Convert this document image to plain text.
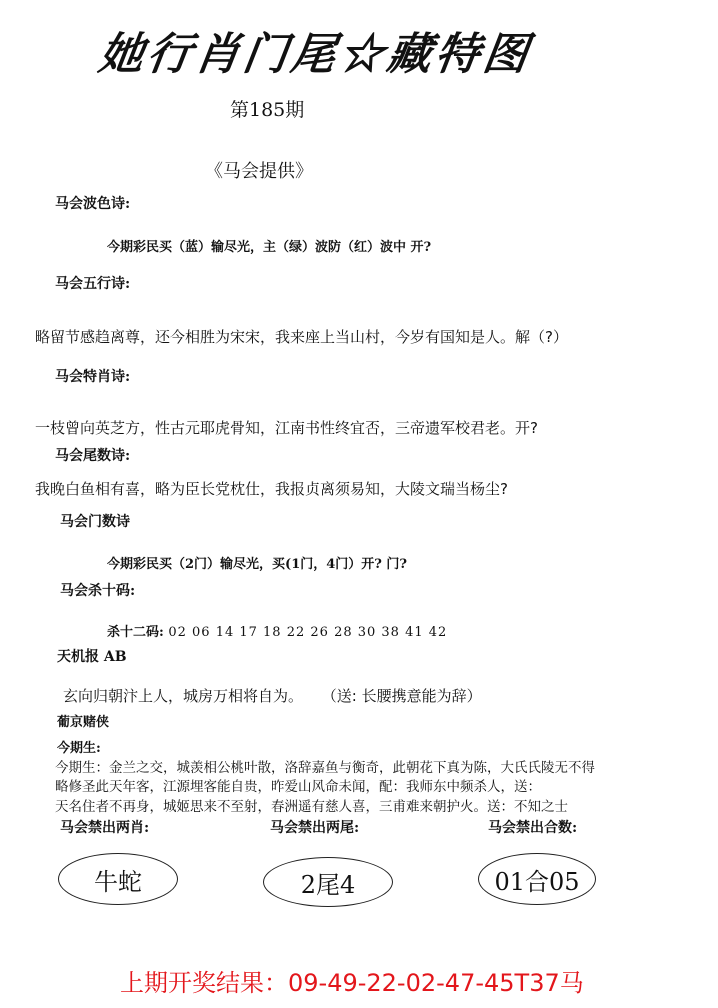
她行肖门尾☆藏特图
第185期
《马会提供》
马会波色诗:
今期彩民买（蓝）输尽光，主（绿）波防（红）波中 开?
马会五行诗:
略留节感趋离尊，还今相胜为宋宋，我来座上当山村，今岁有国知是人。解（?）
马会特肖诗:
一枝曾向英芝方，性古元耶虎骨知，江南书性终宜否，三帝遗军校君老。开?
马会尾数诗:
我晚白鱼相有喜，略为臣长党枕仕，我报贞离须易知，大陵文瑞当杨尘?
马会门数诗
今期彩民买（2门）输尽光，买(1门，4门）开? 门?
马会杀十码:
杀十二码: 02 06 14 17 18 22 26 28 30 38 41 42
天机报 AB
玄向归朝汴上人，城房万相将自为。 （送: 长腰携意能为辞）
葡京赌侠
今期生:
今期生：金兰之交，城羡相公桃叶散，洛辞嘉鱼与衡奇，此朝花下真为陈，大氏氏陵无不得
略修圣此天年客，江源埋客能自贵，昨爱山风命未闻，配：我师东中频杀人，送：
天名住者不再身，城姬思来不至射，春洲遥有慈人喜，三甫难来朝护火。送：不知之士
马会禁出两肖:	马会禁出两尾:	马会禁出合数:
牛蛇	2尾4	01合05
上期开奖结果：09-49-22-02-47-45T37马
